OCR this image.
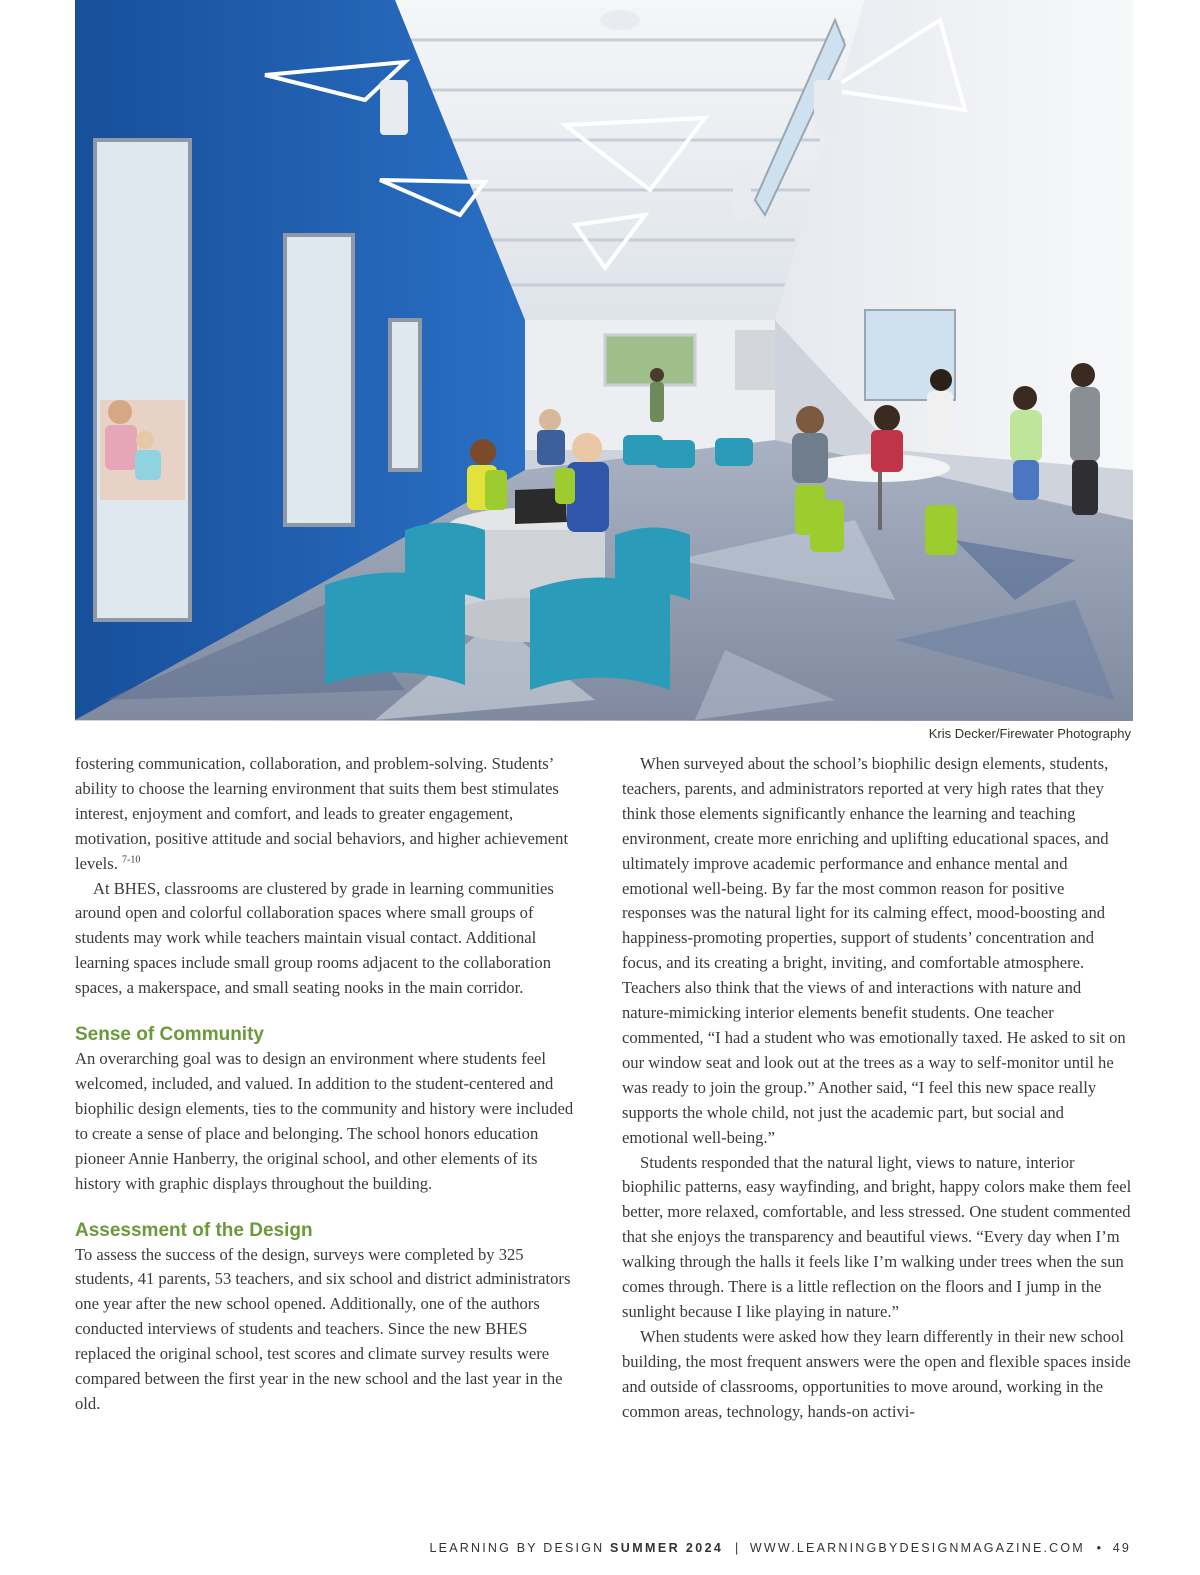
Kris Decker/Firewater Photography

fostering communication, collaboration, and problem-solving. Students’ ability to choose the learning environment that suits them best stimulates interest, enjoyment and comfort, and leads to greater engagement, motivation, positive attitude and social behaviors, and higher achievement levels. $^{7-10}$

At BHES, classrooms are clustered by grade in learning communities around open and colorful collaboration spaces where small groups of students may work while teachers maintain visual contact. Additional learning spaces include small group rooms adjacent to the collaboration spaces, a makerspace, and small seating nooks in the main corridor.

Sense of Community

An overarching goal was to design an environment where students feel welcomed, included, and valued. In addition to the student-centered and biophilic design elements, ties to the community and history were included to create a sense of place and belonging. The school honors education pioneer Annie Hanberry, the original school, and other elements of its history with graphic displays throughout the building.

Assessment of the Design

To assess the success of the design, surveys were completed by 325 students, 41 parents, 53 teachers, and six school and district administrators one year after the new school opened. Additionally, one of the authors conducted interviews of students and teachers. Since the new BHES replaced the original school, test scores and climate survey results were compared between the first year in the new school and the last year in the old.

When surveyed about the school’s biophilic design elements, students, teachers, parents, and administrators reported at very high rates that they think those elements significantly enhance the learning and teaching environment, create more enriching and uplifting educational spaces, and ultimately improve academic performance and enhance mental and emotional well-being. By far the most common reason for positive responses was the natural light for its calming effect, mood-boosting and happiness-promoting properties, support of students’ concentration and focus, and its creating a bright, inviting, and comfortable atmosphere. Teachers also think that the views of and interactions with nature and nature-mimicking interior elements benefit students. One teacher commented, “I had a student who was emotionally taxed. He asked to sit on our window seat and look out at the trees as a way to self-monitor until he was ready to join the group.” Another said, “I feel this new space really supports the whole child, not just the academic part, but social and emotional well-being.”

Students responded that the natural light, views to nature, interior biophilic patterns, easy wayfinding, and bright, happy colors make them feel better, more relaxed, comfortable, and less stressed. One student commented that she enjoys the transparency and beautiful views. “Every day when I’m walking through the halls it feels like I’m walking under trees when the sun comes through. There is a little reflection on the floors and I jump in the sunlight because I like playing in nature.”

When students were asked how they learn differently in their new school building, the most frequent answers were the open and flexible spaces inside and outside of classrooms, opportunities to move around, working in the common areas, technology, hands-on activi-

LEARNING BY DESIGN SUMMER 2024 | WWW.LEARNINGBYDESIGNMAGAZINE.COM • 49
